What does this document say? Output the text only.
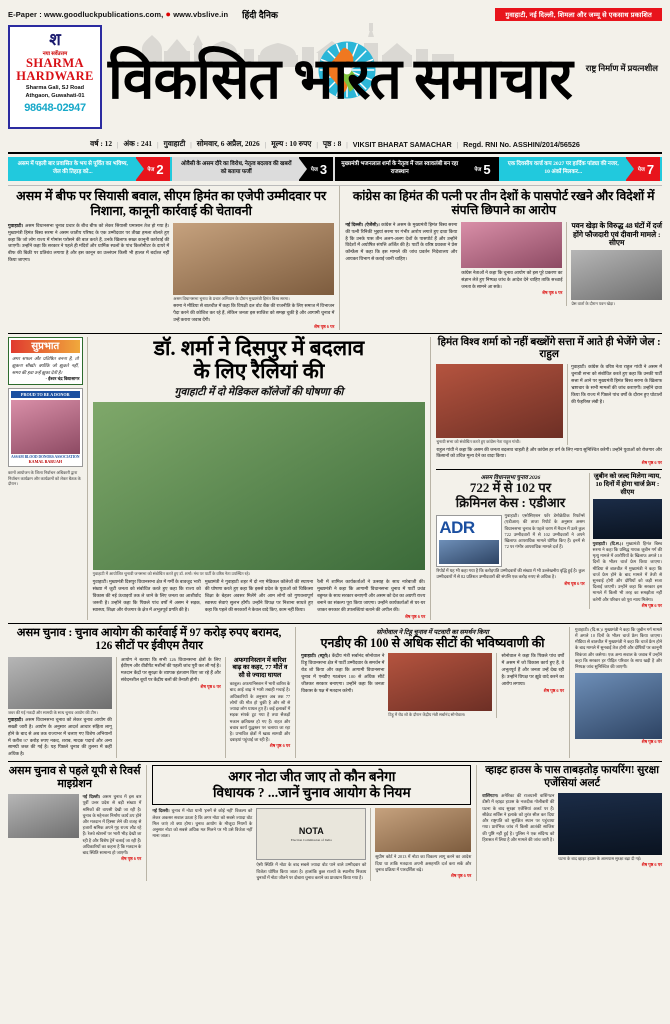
E-Paper : www.goodluckpublications.com, ● www.vbslive.in हिंदी दैनिक	गुवाहाटी, नई दिल्ली, शिमला और जम्मू से एकसाथ प्रकाशित
श
नया सर्वेउत्तम
SHARMA
HARDWARE
Sharma Gali, SJ Road
Athgaon, Guwahati-01
98648-02947 विकसित भारत समाचार राष्ट्र निर्माण में प्रयत्नशील
वर्ष : 12 | अंक : 241 | गुवाहाटी | सोमवार, 6 अप्रैल, 2026 | मूल्य : 10 रुपए | पृष्ठ : 8 | VIKSIT BHARAT SAMACHAR | Regd. RNI No. ASSHIN/2014/56526
असम में पहली बार प्रवासित के भय से पूर्वित का भविष्य, जेल की तिहाड़ को...	पेज 2	ओवैसी के असम दौरे का विरोध, नेतृत्व बदलाव की खबरों को बताया फर्जी	पेज 3	मुख्यमंत्री भजनलाल शर्मा के नेतृत्व में जल स्वावलंबी बन रहा राजस्थान	पेज 5	एक दिवसीय वर्ल्ड कप 2027 पर हार्दिक पांड्या की नजर, 10 अंकों मिलकर...	पेज 7
असम में बीफ पर सियासी बवाल, सीएम हिमंत का एजेपी उम्मीदवार पर निशाना, कानूनी कार्रवाई की चेतावनी
गुवाहाटी। असम विधानसभा चुनाव प्रचार के बीच बीफ को लेकर सियासी घमासान तेज हो गया है। मुख्यमंत्री हिमंत बिस्व सरमा ने असम जातीय परिषद के एक उम्मीदवार पर तीखा हमला बोलते हुए कहा कि जो लोग राज्य में गोमांस परोसने की बात करते हैं, उनके खिलाफ सख्त कानूनी कार्रवाई की जाएगी। उन्होंने कहा कि सरकार ने पहले ही मंदिरों और धार्मिक स्थलों के पांच किलोमीटर के दायरे में बीफ की बिक्री पर प्रतिबंध लगाया है और इस कानून का उल्लंघन किसी भी हालत में बर्दाश्त नहीं किया जाएगा।
असम विधानसभा चुनाव के प्रचार अभियान के दौरान मुख्यमंत्री हिमंत बिस्व सरमा।
सरमा ने मीडिया से बातचीत में कहा कि विपक्षी दल वोट बैंक की राजनीति के लिए समाज में विभाजन पैदा करने की कोशिश कर रहे हैं, लेकिन जनता इस साजिश को समझ चुकी है और आगामी चुनाव में उन्हें करारा जवाब देगी।
शेष पृष्ठ 6 पर
कांग्रेस का हिमंत की पत्नी पर तीन देशों के पासपोर्ट रखने और विदेशों में संपत्ति छिपाने का आरोप
नई दिल्ली। (ऐजेंसी)। कांग्रेस ने असम के मुख्यमंत्री हिमंत बिस्व सरमा की पत्नी रिनिकी भुइयां सरमा पर गंभीर आरोप लगाते हुए दावा किया है कि उनके पास तीन अलग-अलग देशों के पासपोर्ट हैं और उन्होंने विदेशों में अघोषित संपत्ति अर्जित की है। पार्टी के वरिष्ठ प्रवक्ता ने प्रेस कॉन्फ्रेंस में कहा कि इस मामले की जांच प्रवर्तन निदेशालय और आयकर विभाग से कराई जानी चाहिए।
कांग्रेस नेताओं ने कहा कि चुनाव आयोग को इस पूरे प्रकरण का संज्ञान लेते हुए निष्पक्ष जांच के आदेश देने चाहिए ताकि सच्चाई जनता के सामने आ सके।
शेष पृष्ठ 6 पर
पवन खेड़ा के विरुद्ध 48 घंटों में दर्ज होंगे फौजदारी एवं दीवानी मामले : सीएम
प्रेस वार्ता के दौरान पवन खेड़ा।
सुप्रभात
अगर सफल और प्रतिष्ठित बनना है, तो झुकना सीखो। क्योंकि जो झुकते नहीं, समय की हवा उन्हें झुका देती है।
- ईश्वर चंद्र विद्यासागर
PROUD TO BE A DONOR
ASSAM BLOOD DONORS ASSOCIATION
KAMAL BARUAH
कामों आयोजन के जिला निर्वाचन अधिकारी द्वारा निर्वाचन कार्यक्रम और कार्यक्रमों को लेकर बैठक के दौरान।
डॉ. शर्मा ने दिसपुर में बदलाव
के लिए रैलियां की
गुवाहाटी में दो मेडिकल कॉलेजों की घोषणा की
गुवाहाटी में आयोजित चुनावी जनसभा को संबोधित करते हुए डॉ. शर्मा। मंच पर पार्टी के वरिष्ठ नेता उपस्थित रहे।
गुवाहाटी। मुख्यमंत्री दिसपुर विधानसभा क्षेत्र में गर्मी के बावजूद भारी संख्या में जुटी जनता को संबोधित करते हुए कहा कि राज्य को विकास की नई ऊंचाइयों तक ले जाने के लिए जनता का आशीर्वाद जरूरी है। उन्होंने कहा कि पिछले पांच वर्षों में असम ने सड़क, स्वास्थ्य, शिक्षा और रोजगार के क्षेत्र में अभूतपूर्व प्रगति की है।
मुख्यमंत्री ने गुवाहाटी शहर में दो नए मेडिकल कॉलेजों की स्थापना की घोषणा करते हुए कहा कि इससे प्रदेश के युवाओं को चिकित्सा शिक्षा के बेहतर अवसर मिलेंगे और आम लोगों को गुणवत्तापूर्ण स्वास्थ्य सेवाएं सुलभ होंगी। उन्होंने विपक्ष पर निशाना साधते हुए कहा कि पहले की सरकारों ने केवल वादे किए, काम नहीं किया।
रैली में शामिल कार्यकर्ताओं ने उत्साह के साथ नारेबाजी की। मुख्यमंत्री ने कहा कि आगामी विधानसभा चुनाव में पार्टी प्रचंड बहुमत के साथ सरकार बनाएगी और असम को देश का अग्रणी राज्य बनाने का संकल्प पूरा किया जाएगा। उन्होंने कार्यकर्ताओं से घर-घर जाकर सरकार की उपलब्धियां बताने की अपील की।
शेष पृष्ठ 6 पर
हिमंत विश्व शर्मा को नहीं बख्शेंगे सत्ता में आते ही भेजेंगे जेल : राहुल
चुनावी सभा को संबोधित करते हुए कांग्रेस नेता राहुल गांधी।
गुवाहाटी। कांग्रेस के वरिष्ठ नेता राहुल गांधी ने असम में चुनावी सभा को संबोधित करते हुए कहा कि उनकी पार्टी सत्ता में आने पर मुख्यमंत्री हिमंत बिस्व सरमा के खिलाफ भ्रष्टाचार के सभी मामलों की जांच कराएगी। उन्होंने दावा किया कि राज्य में पिछले पांच वर्षों के दौरान हुए घोटालों की फेहरिस्त लंबी है।
राहुल गांधी ने कहा कि असम की जनता बदलाव चाहती है और कांग्रेस हर वर्ग के लिए न्याय सुनिश्चित करेगी। उन्होंने युवाओं को रोजगार और किसानों को उचित मूल्य देने का वादा किया।
शेष पृष्ठ 6 पर
असम विधानसभा चुनाव 2026
722 में से 102 पर
क्रिमिनल केस : एडीआर
ADR
गुवाहाटी। एसोसिएशन फॉर डेमोक्रेटिक रिफॉर्म्स (एडीआर) की ताजा रिपोर्ट के अनुसार असम विधानसभा चुनाव के पहले चरण में मैदान में उतरे कुल 722 उम्मीदवारों में से 102 उम्मीदवारों ने अपने खिलाफ आपराधिक मामले घोषित किए हैं। इनमें से 72 पर गंभीर आपराधिक मामले दर्ज हैं।
रिपोर्ट में यह भी कहा गया है कि करोड़पति उम्मीदवारों की संख्या में भी उल्लेखनीय वृद्धि हुई है। कुल उम्मीदवारों में से 82 प्रतिशत उम्मीदवारों की संपत्ति एक करोड़ रुपए से अधिक है।
शेष पृष्ठ 6 पर
जुबीन को जल्द मिलेगा न्याय, 10 दिनों में होगा चार्ज फ्रेम : सीएम
गुवाहाटी। (दि.स.)। मुख्यमंत्री हिमंत बिस्व सरमा ने कहा कि प्रसिद्ध गायक जुबीन गर्ग की मृत्यु मामले में आरोपियों के खिलाफ अगले 10 दिनों के भीतर चार्ज फ्रेम किया जाएगा। मीडिया से बातचीत में मुख्यमंत्री ने कहा कि चार्ज फ्रेम होने के बाद मामले में तेजी से सुनवाई होगी और दोषियों को कड़ी सजा दिलाई जाएगी। उन्होंने कहा कि सरकार इस मामले में किसी भी तरह का समझौता नहीं करेगी और परिवार को पूरा न्याय मिलेगा।
शेष पृष्ठ 6 पर
असम चुनाव : चुनाव आयोग की कार्रवाई में 97 करोड़ रुपए बरामद, 126 सीटों पर ईवीएम तैयार
जब्त की गई नकदी और सामग्री के साथ चुनाव आयोग की टीम।
गुवाहाटी। असम विधानसभा चुनाव को लेकर चुनाव आयोग की सख्ती जारी है। आयोग के अनुसार आदर्श आचार संहिता लागू होने के बाद से अब तक राज्यभर में चलाए गए विशेष अभियानों में करीब 97 करोड़ रुपए नकद, शराब, मादक पदार्थ और अन्य सामग्री जब्त की गई है। यह पिछले चुनाव की तुलना में कहीं अधिक है।
आयोग ने बताया कि सभी 126 विधानसभा क्षेत्रों के लिए ईवीएम और वीवीपैट मशीनों की पहली जांच पूरी कर ली गई है। मतदान केंद्रों पर सुरक्षा के व्यापक इंतजाम किए जा रहे हैं और संवेदनशील बूथों पर केंद्रीय बलों की तैनाती होगी।
शेष पृष्ठ 6 पर
अफगानिस्तान में बारिश बाढ़ का कहर, 77 मौतें व सौ से ज्यादा घायल
काबुल। अफगानिस्तान में भारी बारिश के बाद आई बाढ़ ने भारी तबाही मचाई है। अधिकारियों के अनुसार अब तक 77 लोगों की मौत हो चुकी है और सौ से ज्यादा लोग घायल हुए हैं। कई इलाकों में सड़क संपर्क टूट गया है तथा सैकड़ों मकान क्षतिग्रस्त हो गए हैं। राहत और बचाव कार्य युद्धस्तर पर चलाया जा रहा है। प्रभावित क्षेत्रों में खाद्य सामग्री और दवाइयां पहुंचाई जा रही हैं।
शेष पृष्ठ 6 पर
सोनोवाल ने टिहू चुनाव में पटवारी का समर्थन किया
एनडीए की 100 से अधिक सीटों की भविष्यवाणी की
गुवाहाटी। (ब्यूरो)। केंद्रीय मंत्री सर्बानंद सोनोवाल ने टिहू विधानसभा क्षेत्र में पार्टी उम्मीदवार के समर्थन में रोड शो किया और कहा कि आगामी विधानसभा चुनाव में एनडीए गठबंधन 100 से अधिक सीटें जीतकर सरकार बनाएगा। उन्होंने कहा कि जनता विकास के पक्ष में मतदान करेगी।
टिहू में रोड शो के दौरान केंद्रीय मंत्री सर्बानंद सोनोवाल।
सोनोवाल ने कहा कि पिछले पांच वर्षों में असम में जो विकास कार्य हुए हैं, वे अभूतपूर्व हैं और जनता उन्हें देख रही है। उन्होंने विपक्ष पर झूठे वादे करने का आरोप लगाया।
शेष पृष्ठ 6 पर
गुवाहाटी। (दि.स.)। मुख्यमंत्री ने कहा कि जुबीन गर्ग मामले में अगले 10 दिनों के भीतर चार्ज फ्रेम किया जाएगा। मीडिया से बातचीत में मुख्यमंत्री ने कहा कि चार्ज फ्रेम होने के बाद मामले में सुनवाई तेज होगी और दोषियों पर कानूनी शिकंजा और कसेगा। एक अन्य सवाल के जवाब में उन्होंने कहा कि सरकार हर पीड़ित परिवार के साथ खड़ी है और निष्पक्ष जांच सुनिश्चित की जाएगी।
शेष पृष्ठ 6 पर
असम चुनाव से पहले यूपी से रिवर्स माइग्रेशन
नई दिल्ली। असम चुनाव में इस बार पूर्वी उत्तर प्रदेश से बड़ी संख्या में श्रमिकों की वापसी देखी जा रही है। चुनाव के मद्देनजर निर्माण कार्य ठप होने और मतदान में हिस्सा लेने की वजह से हजारों श्रमिक अपने गृह राज्य लौट रहे हैं। रेलवे स्टेशनों पर भारी भीड़ देखी जा रही है और विशेष ट्रेनें चलाई जा रही हैं। अधिकारियों का कहना है कि मतदान के बाद स्थिति सामान्य हो जाएगी।
शेष पृष्ठ 6 पर
अगर नोटा जीत जाए तो कौन बनेगा
विधायक ? ...जानें चुनाव आयोग के नियम
नई दिल्ली। चुनाव में नोटा यानी 'इनमें से कोई नहीं' विकल्प को लेकर अकसर सवाल उठता है कि अगर नोटा को सबसे ज्यादा वोट मिल जाएं तो क्या होगा। चुनाव आयोग के मौजूदा नियमों के अनुसार नोटा को सबसे अधिक मत मिलने पर भी उसे विजेता नहीं माना जाता।	NOTA
Election Commission of India
ऐसी स्थिति में नोटा के बाद सबसे ज्यादा वोट पाने वाले उम्मीदवार को विजेता घोषित किया जाता है। हालांकि कुछ राज्यों के स्थानीय निकाय चुनावों में नोटा जीतने पर दोबारा चुनाव कराने का प्रावधान किया गया है।
सुप्रीम कोर्ट ने 2013 में नोटा का विकल्प लागू करने का आदेश दिया था ताकि मतदाता अपनी असहमति दर्ज करा सकें और चुनाव प्रक्रिया में पारदर्शिता बढ़े।
शेष पृष्ठ 6 पर
व्हाइट हाउस के पास ताबड़तोड़ फायरिंग! सुरक्षा एजेंसियां अलर्ट
वाशिंगटन। अमेरिका की राजधानी वाशिंगटन डीसी में व्हाइट हाउस के नजदीक गोलीबारी की घटना के बाद सुरक्षा एजेंसियां अलर्ट पर हैं। सीक्रेट सर्विस ने इलाके को तुरंत सील कर दिया और राष्ट्रपति को सुरक्षित स्थान पर पहुंचाया गया। प्रारंभिक जांच में किसी आतंकी साजिश की पुष्टि नहीं हुई है। पुलिस ने एक संदिग्ध को हिरासत में लिया है और मामले की जांच जारी है।
घटना के बाद व्हाइट हाउस के आसपास सुरक्षा बढ़ा दी गई।
शेष पृष्ठ 6 पर
